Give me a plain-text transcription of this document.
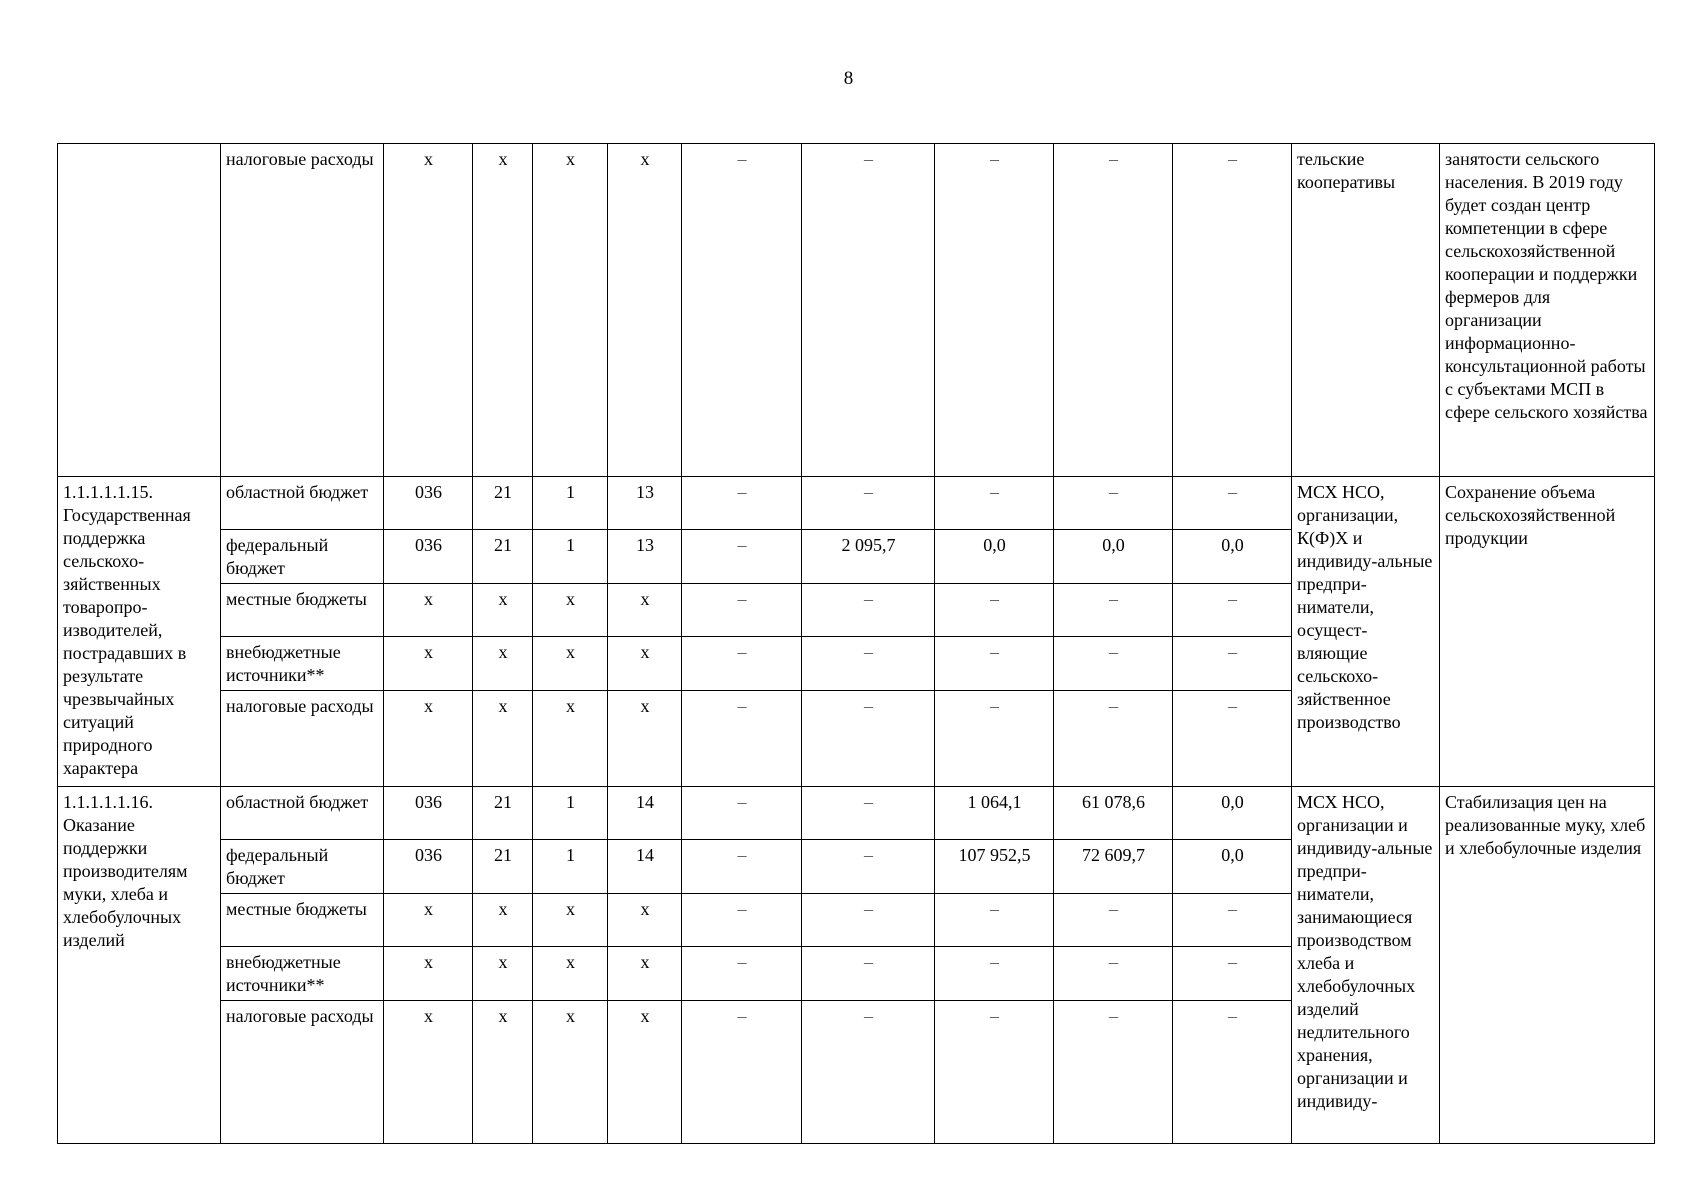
8
	налоговые расходы	х	х	х	х	–	–	–	–	–	тельские кооперативы	занятости сельского населения. В 2019 году будет создан центр компетенции в сфере сельскохозяйственной кооперации и поддержки фермеров для организации информационно-консультационной работы с субъектами МСП в сфере сельского хозяйства
1.1.1.1.1.15. Государственная поддержка сельскохо-зяйственных товаропро-изводителей, пострадавших в результате чрезвычайных ситуаций природного характера	областной бюджет	036	21	1	13	–	–	–	–	–	МСХ НСО, организации, К(Ф)Х и индивиду-альные предпри-ниматели, осущест-вляющие сельскохо-зяйственное производство	Сохранение объема сельскохозяйственной продукции
	федеральный бюджет	036	21	1	13	–	2 095,7	0,0	0,0	0,0		
	местные бюджеты	х	х	х	х	–	–	–	–	–		
	внебюджетные источники**	х	х	х	х	–	–	–	–	–		
	налоговые расходы	х	х	х	х	–	–	–	–	–		
1.1.1.1.1.16. Оказание поддержки производителям муки, хлеба и хлебобулочных изделий	областной бюджет	036	21	1	14	–	–	1 064,1	61 078,6	0,0	МСХ НСО, организации и индивиду-альные предпри-ниматели, занимающиеся производством хлеба и хлебобулочных изделий недлительного хранения, организации и индивиду-	Стабилизация цен на реализованные муку, хлеб и хлебобулочные изделия
	федеральный бюджет	036	21	1	14	–	–	107 952,5	72 609,7	0,0		
	местные бюджеты	х	х	х	х	–	–	–	–	–		
	внебюджетные источники**	х	х	х	х	–	–	–	–	–		
	налоговые расходы	х	х	х	х	–	–	–	–	–		
